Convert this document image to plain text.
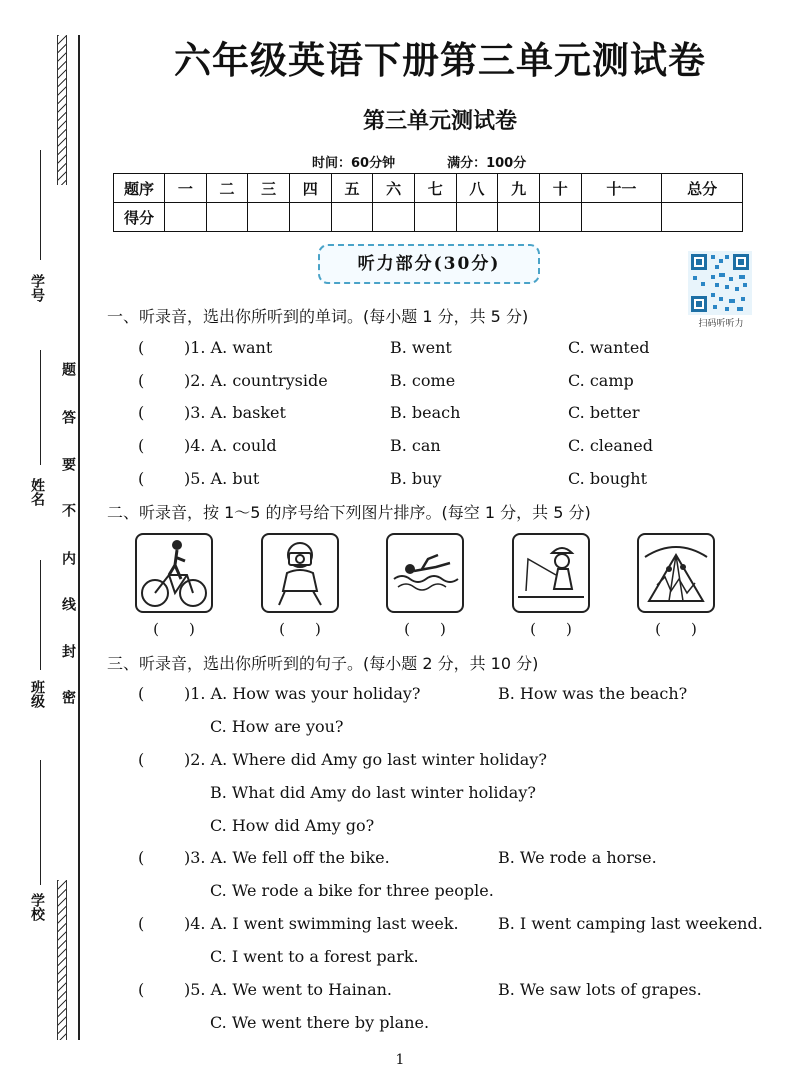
学号
姓名
班级
学校
题
答
要
不
内
线
封
密
六年级英语下册第三单元测试卷
第三单元测试卷
时间：60分钟	满分：100分
题序	一	二	三	四	五	六	七	八	九	十	十一	总分
得分												
听力部分(30分)
扫码听听力
一、听录音，选出你所听到的单词。(每小题 1 分，共 5 分)
( )1. A. want	B. went	C. wanted
( )2. A. countryside	B. come	C. camp
( )3. A. basket	B. beach	C. better
( )4. A. could	B. can	C. cleaned
( )5. A. but	B. buy	C. bought
二、听录音，按 1～5 的序号给下列图片排序。(每空 1 分，共 5 分)
(　　)	(　　)	(　　)	(　　)	(　　)
三、听录音，选出你所听到的句子。(每小题 2 分，共 10 分)
( )1. A. How was your holiday?	B. How was the beach?
C. How are you?
( )2. A. Where did Amy go last winter holiday?
B. What did Amy do last winter holiday?
C. How did Amy go?
( )3. A. We fell off the bike.	B. We rode a horse.
C. We rode a bike for three people.
( )4. A. I went swimming last week. B. I went camping last weekend.
C. I went to a forest park.
( )5. A. We went to Hainan.	B. We saw lots of grapes.
C. We went there by plane.
1
